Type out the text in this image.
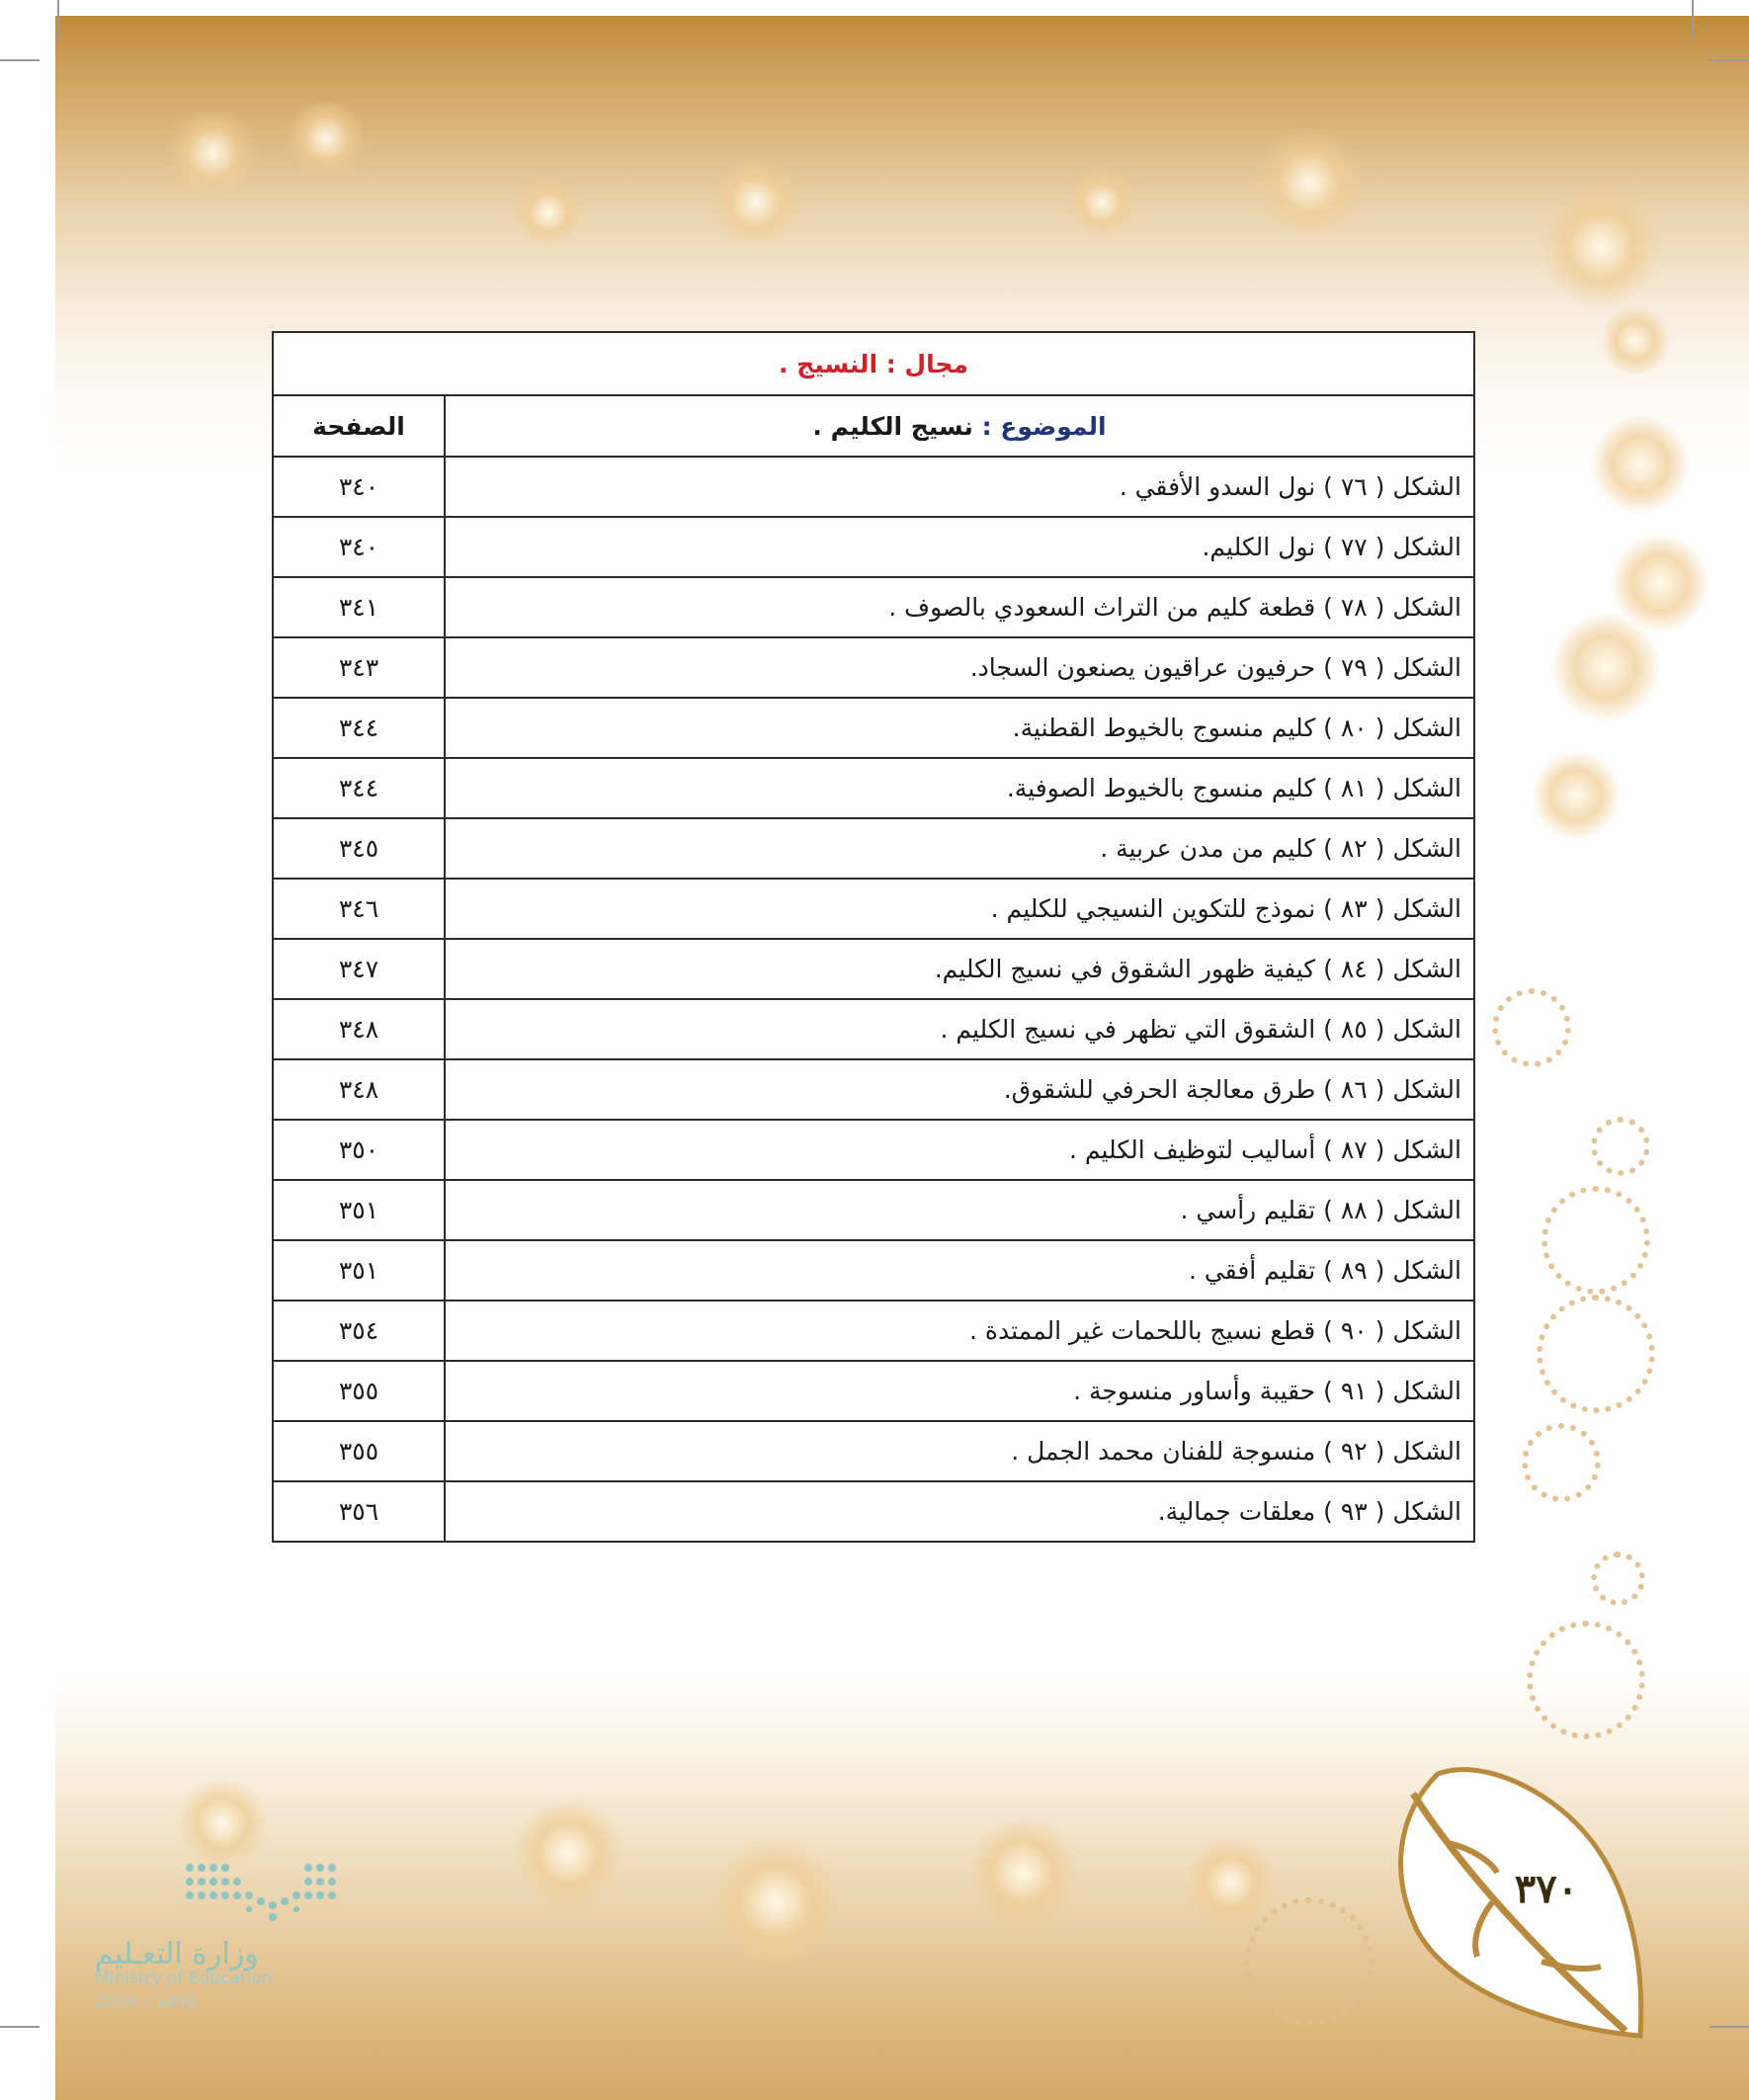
مجال : النسيج .	
الموضوع : نسيج الكليم .	الصفحة
الشكل ( ٧٦ ) نول السدو الأفقي .	٣٤٠
الشكل ( ٧٧ ) نول الكليم.	٣٤٠
الشكل ( ٧٨ ) قطعة كليم من التراث السعودي بالصوف .	٣٤١
الشكل ( ٧٩ ) حرفيون عراقيون يصنعون السجاد.	٣٤٣
الشكل ( ٨٠ ) كليم منسوج بالخيوط القطنية.	٣٤٤
الشكل ( ٨١ ) كليم منسوج بالخيوط الصوفية.	٣٤٤
الشكل ( ٨٢ ) كليم من مدن عربية .	٣٤٥
الشكل ( ٨٣ ) نموذج للتكوين النسيجي للكليم .	٣٤٦
الشكل ( ٨٤ ) كيفية ظهور الشقوق في نسيج الكليم.	٣٤٧
الشكل ( ٨٥ ) الشقوق التي تظهر في نسيج الكليم .	٣٤٨
الشكل ( ٨٦ ) طرق معالجة الحرفي للشقوق.	٣٤٨
الشكل ( ٨٧ ) أساليب لتوظيف الكليم .	٣٥٠
الشكل ( ٨٨ ) تقليم رأسي .	٣٥١
الشكل ( ٨٩ ) تقليم أفقي .	٣٥١
الشكل ( ٩٠ ) قطع نسيج باللحمات غير الممتدة .	٣٥٤
الشكل ( ٩١ ) حقيبة وأساور منسوجة .	٣٥٥
الشكل ( ٩٢ ) منسوجة للفنان محمد الجمل .	٣٥٥
الشكل ( ٩٣ ) معلقات جمالية.	٣٥٦
٣٧٠
وزارة التعـليم
Ministry of Education
2024 - 1446
